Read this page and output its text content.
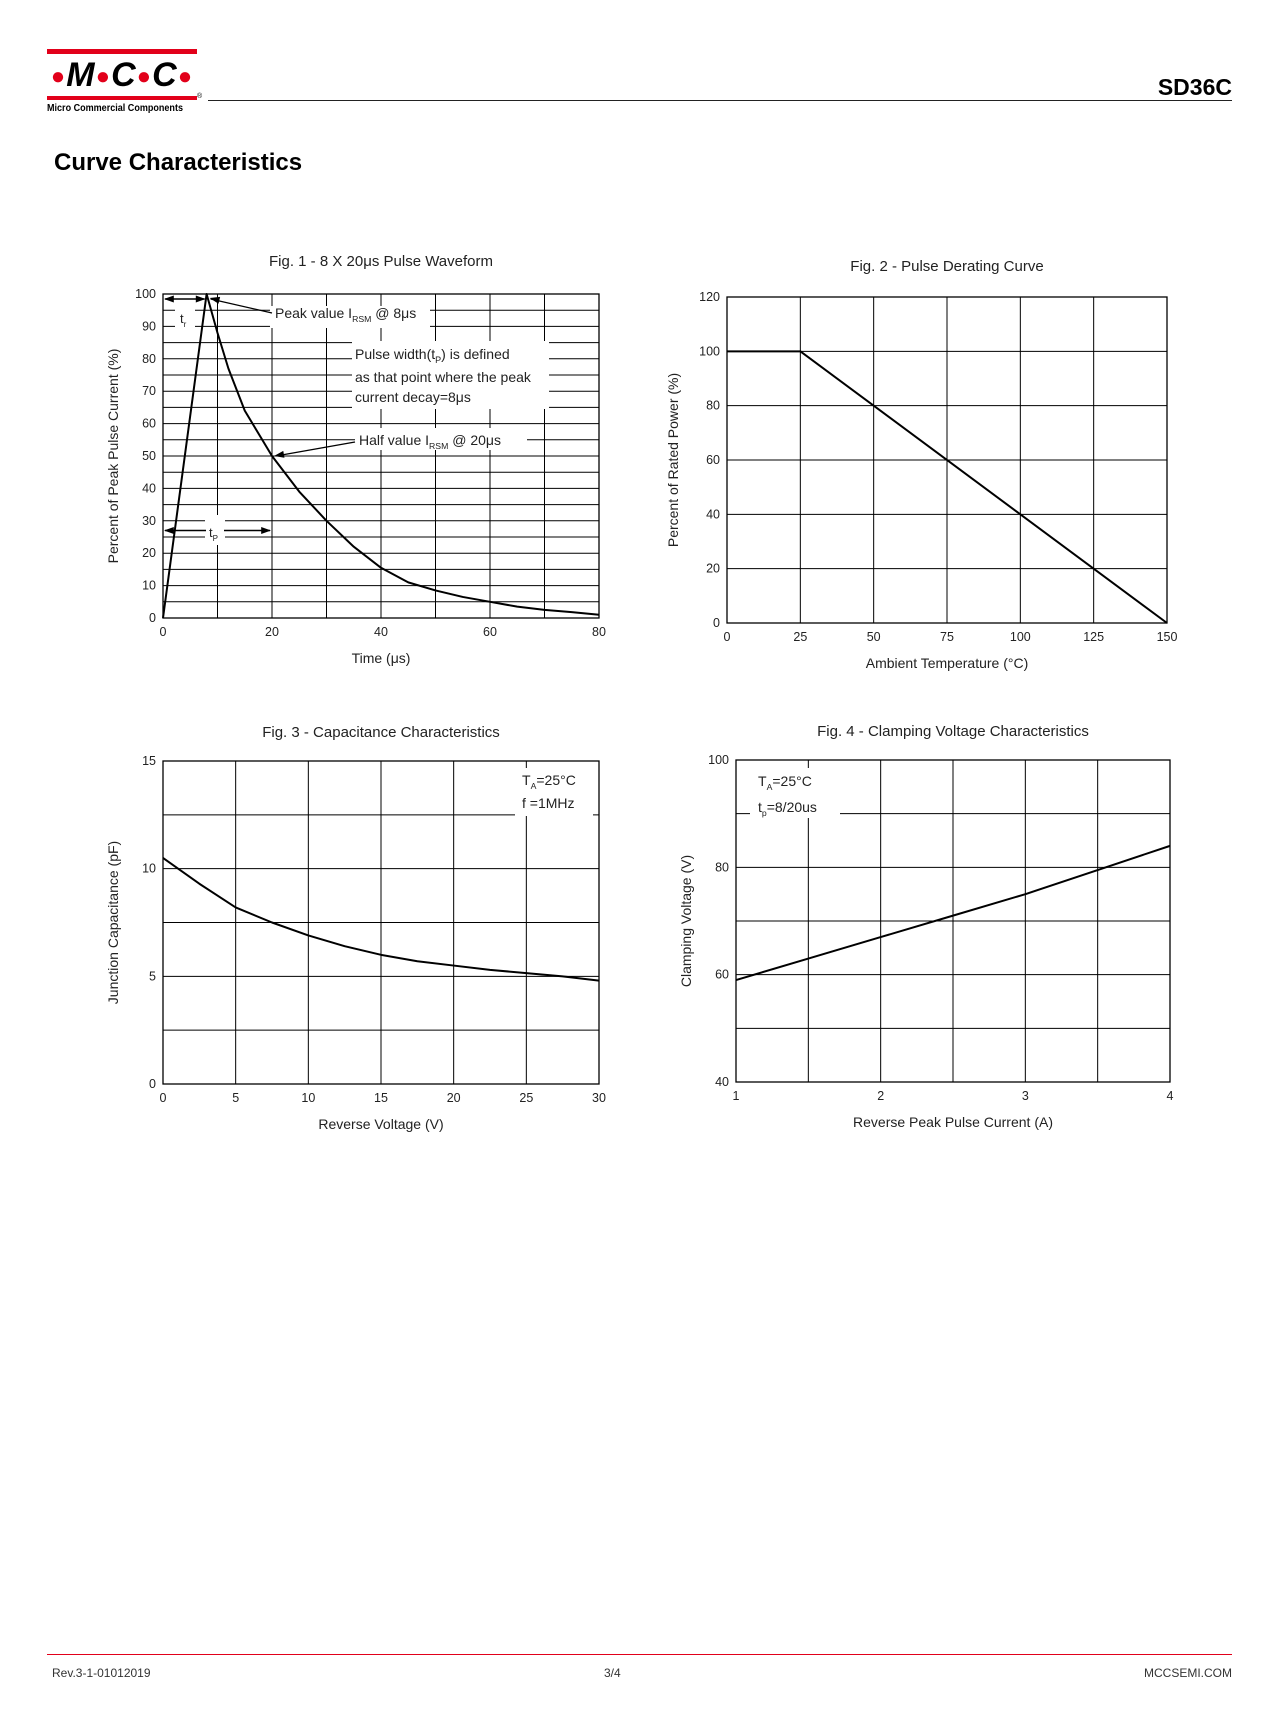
●M●C●C●
®
Micro Commercial Components
SD36C
Curve Characteristics
0	20	40	60	80
0
10
20
30
40
50
60
70
80
90
100
Fig. 1 - 8 X 20μs Pulse Waveform
Time (μs)
Percent of Peak Pulse Current (%)
$t_r$
Peak value $I_{RSM}$ @ 8μs
Pulse $width(t_P)$ is defined
as that point where the peak
current decay=8μs
Half value $I_{RSM}$ @ 20μs
$t_P$
0	25	50	75	100	125	150
0
20
40
60
80
100
120
Fig. 2 - Pulse Derating Curve
Ambient Temperature (°C)
Percent of Rated Power (%)
0	5	10	15	20	25	30
0
5
10
15
Fig. 3 - Capacitance Characteristics
Reverse Voltage (V)
Junction Capacitance (pF)
$T_A=25^\circ C$
f =1MHz
1	2	3	4
40
60
80
100
Fig. 4 - Clamping Voltage Characteristics
Reverse Peak Pulse Current (A)
Clamping Voltage (V)
$T_A=25^\circ C$
$t_p=8/20us$
Rev.3-1-01012019	3/4	MCCSEMI.COM
